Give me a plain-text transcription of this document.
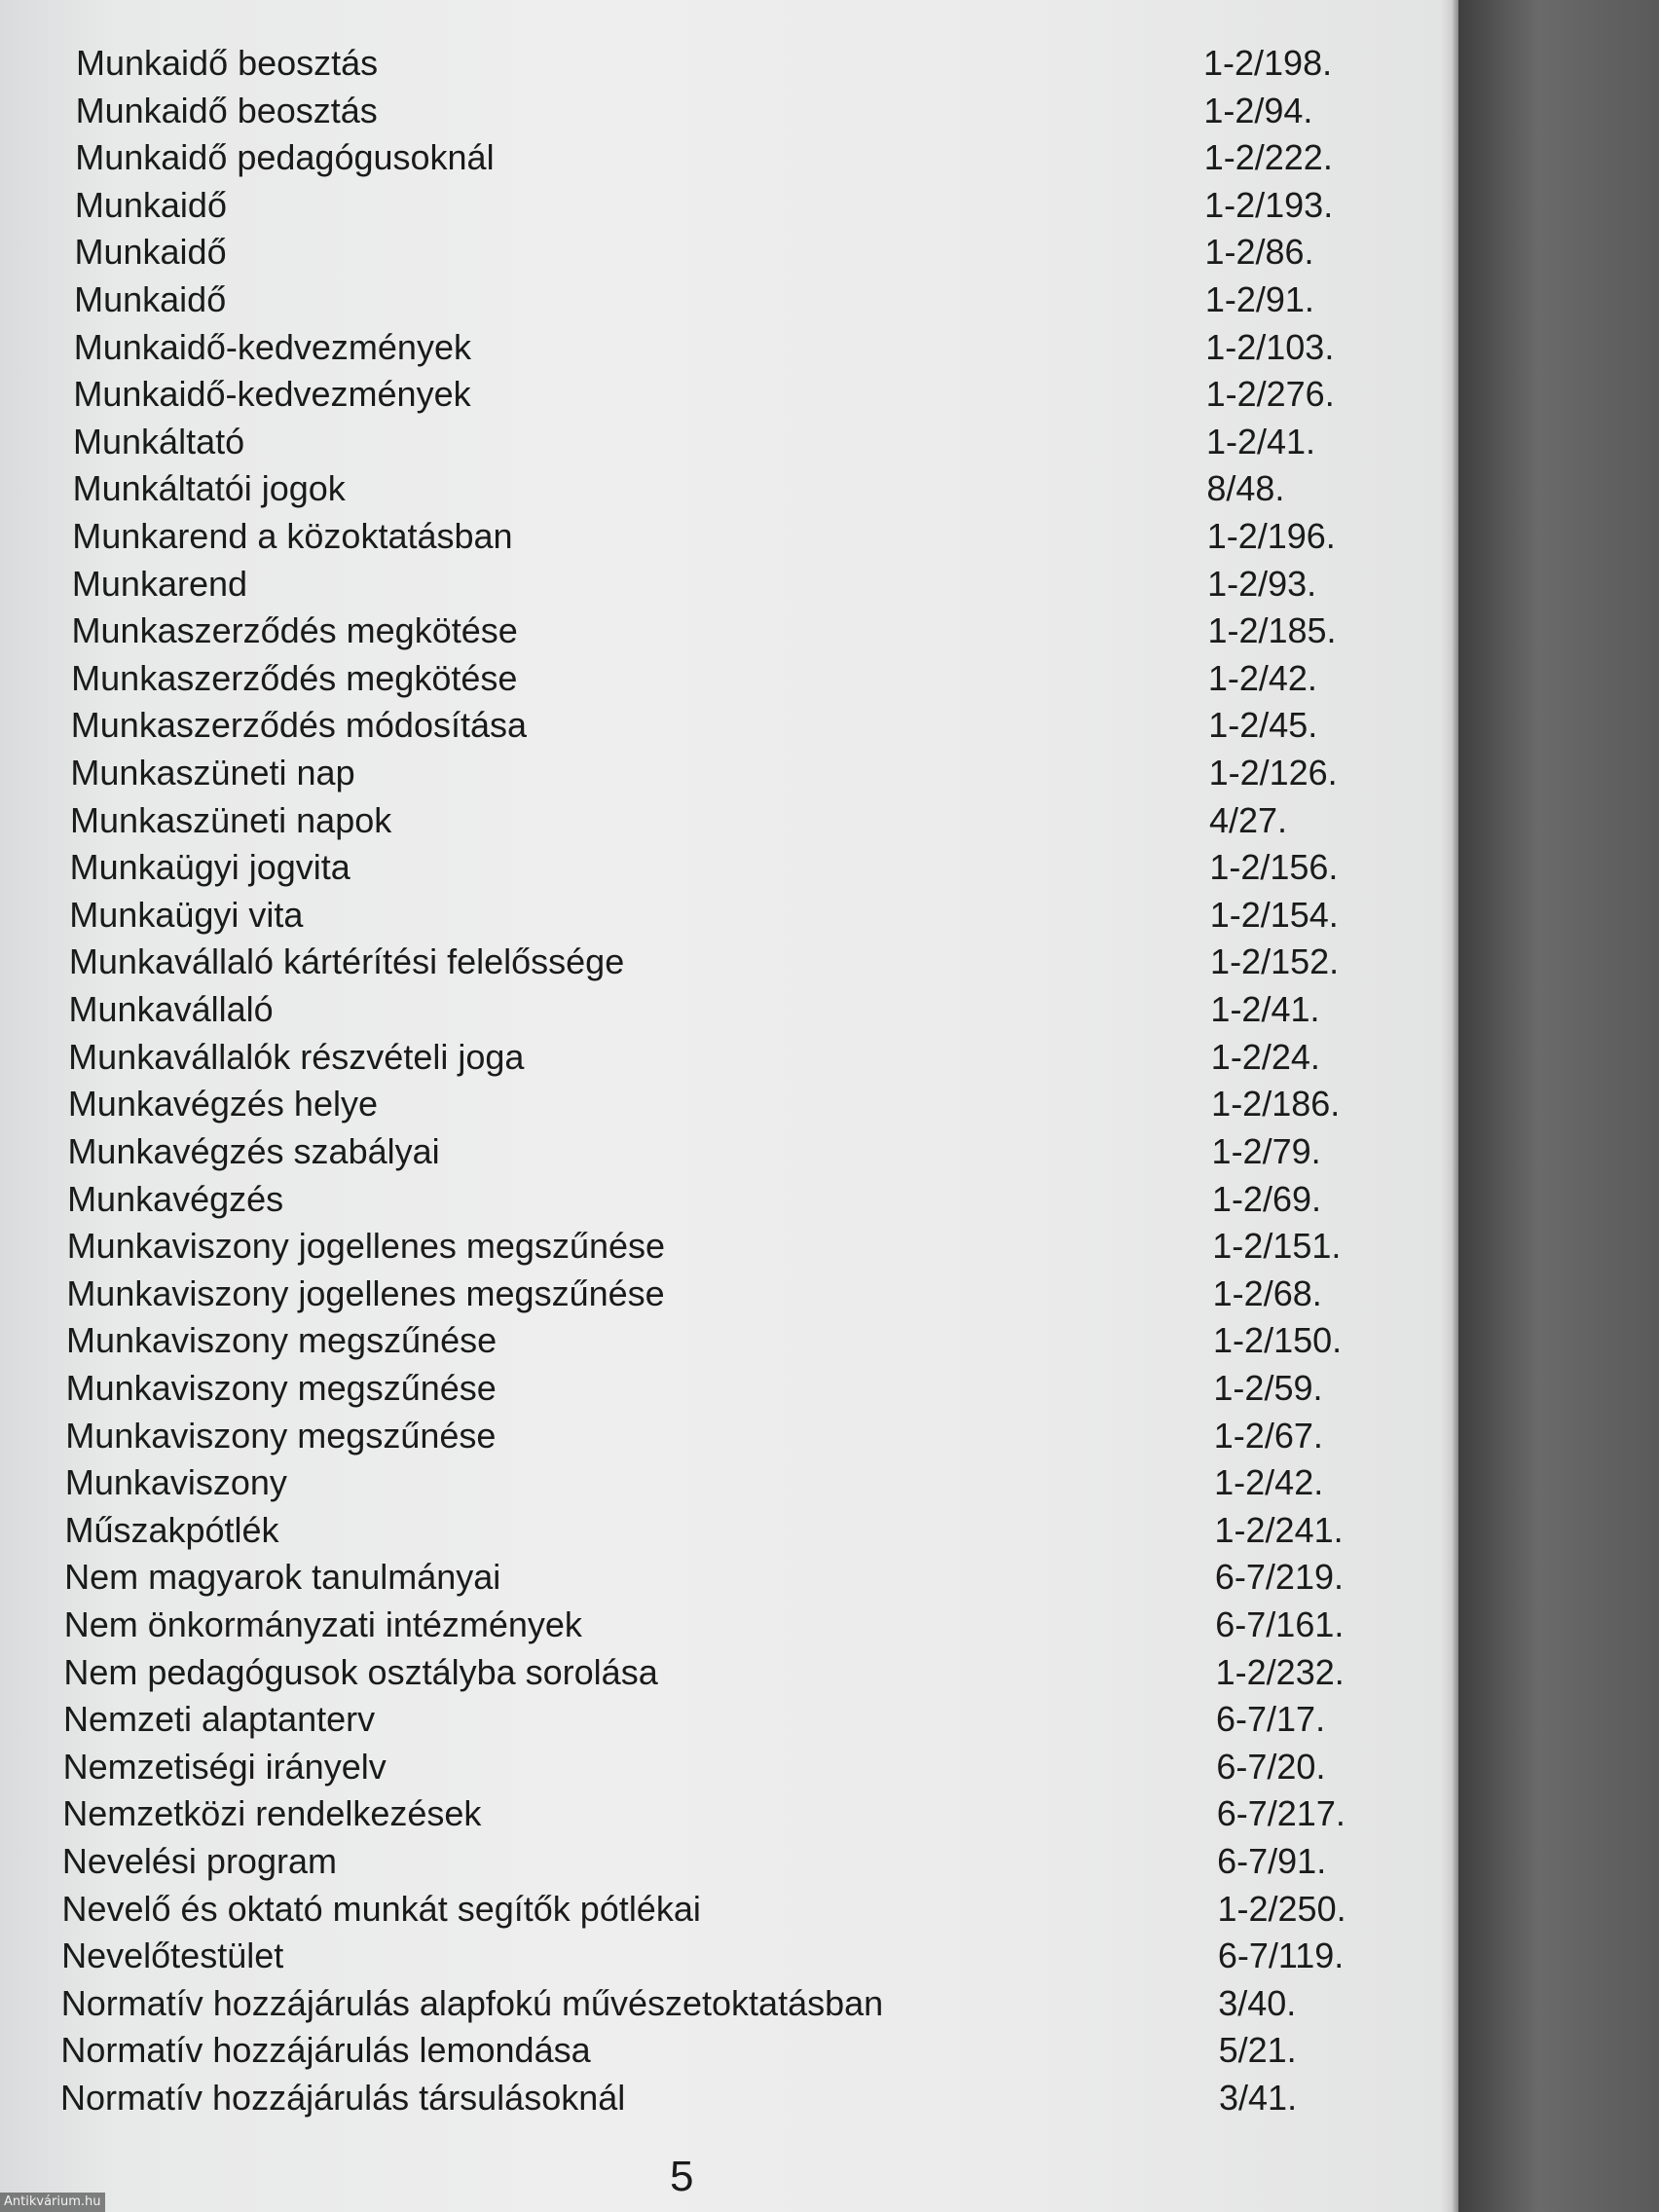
Munkaidő beosztás	1-2/198.
Munkaidő beosztás	1-2/94.
Munkaidő pedagógusoknál	1-2/222.
Munkaidő	1-2/193.
Munkaidő	1-2/86.
Munkaidő	1-2/91.
Munkaidő-kedvezmények	1-2/103.
Munkaidő-kedvezmények	1-2/276.
Munkáltató	1-2/41.
Munkáltatói jogok	8/48.
Munkarend a közoktatásban	1-2/196.
Munkarend	1-2/93.
Munkaszerződés megkötése	1-2/185.
Munkaszerződés megkötése	1-2/42.
Munkaszerződés módosítása	1-2/45.
Munkaszüneti nap	1-2/126.
Munkaszüneti napok	4/27.
Munkaügyi jogvita	1-2/156.
Munkaügyi vita	1-2/154.
Munkavállaló kártérítési felelőssége	1-2/152.
Munkavállaló	1-2/41.
Munkavállalók részvételi joga	1-2/24.
Munkavégzés helye	1-2/186.
Munkavégzés szabályai	1-2/79.
Munkavégzés	1-2/69.
Munkaviszony jogellenes megszűnése	1-2/151.
Munkaviszony jogellenes megszűnése	1-2/68.
Munkaviszony megszűnése	1-2/150.
Munkaviszony megszűnése	1-2/59.
Munkaviszony megszűnése	1-2/67.
Munkaviszony	1-2/42.
Műszakpótlék	1-2/241.
Nem magyarok tanulmányai	6-7/219.
Nem önkormányzati intézmények	6-7/161.
Nem pedagógusok osztályba sorolása	1-2/232.
Nemzeti alaptanterv	6-7/17.
Nemzetiségi irányelv	6-7/20.
Nemzetközi rendelkezések	6-7/217.
Nevelési program	6-7/91.
Nevelő és oktató munkát segítők pótlékai	1-2/250.
Nevelőtestület	6-7/119.
Normatív hozzájárulás alapfokú művészetoktatásban	3/40.
Normatív hozzájárulás lemondása	5/21.
Normatív hozzájárulás társulásoknál	3/41.
5
Antikvárium.hu
